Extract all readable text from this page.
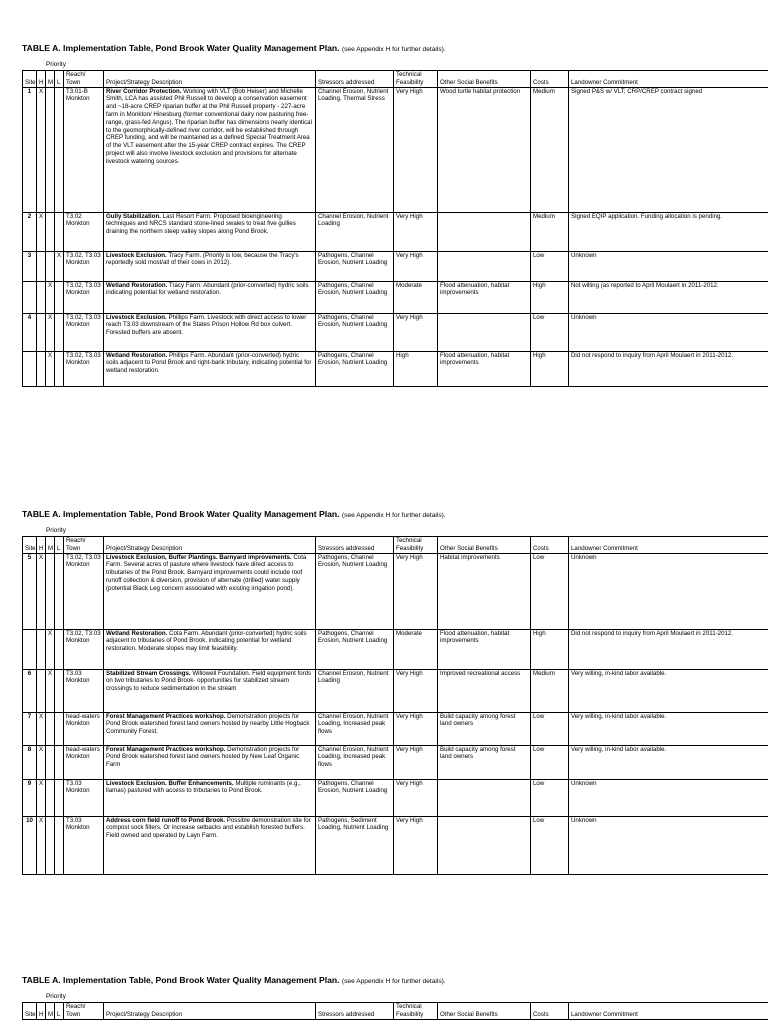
TABLE A. Implementation Table, Pond Brook Water Quality Management Plan. (see Appendix H for further details).
Priority
				Reach/			Technical			
Site	H	M	L	Town	Project/Strategy Description	Stressors addressed	Feasibility	Other Social Benefits	Costs	Landowner Commitment
1	X			T3.01-B Monkton	River Corridor Protection. Working with VLT (Bob Heiser) and Michelle Smith, LCA has assisted Phil Russell to develop a conservation easement and ~18-acre CREP riparian buffer at the Phil Russell property - 227-acre farm in Monkton/ Hinesburg (former conventional dairy now pasturing free-range, grass-fed Angus). The riparian buffer has dimensions nearly identical to the geomorphically-defined river corridor, will be established through CREP funding, and will be maintained as a defined Special Treatment Area of the VLT easement after the 15-year CREP contract expires. The CREP project will also involve livestock exclusion and provisions for alternate livestock watering sources.	Channel Erosion, Nutrient Loading, Thermal Stress	Very High	Wood turtle habitat protection	Medium	Signed P&S w/ VLT; CRP/CREP contract signed
2	X			T3.02 Monkton	Gully Stabilization. Last Resort Farm. Proposed bioengineering techniques and NRCS standard stone-lined swales to treat five gullies draining the northern steep valley slopes along Pond Brook.	Channel Erosion, Nutrient Loading	Very High		Medium	Signed EQIP application. Funding allocation is pending.
3			X	T3.02, T3.03 Monkton	Livestock Exclusion. Tracy Farm. (Priority is low, because the Tracy's reportedly sold most/all of their cows in 2012).	Pathogens, Channel Erosion, Nutrient Loading	Very High		Low	Unknown
		X		T3.02, T3.03 Monkton	Wetland Restoration. Tracy Farm. Abundant (prior-converted) hydric soils indicating potential for wetland restoration.	Pathogens, Channel Erosion, Nutrient Loading	Moderate	Flood attenuation, habitat improvements	High	Not willing (as reported to April Moulaert in 2011-2012.
4		X		T3.02, T3.03 Monkton	Livestock Exclusion. Phillips Farm. Livestock with direct access to lower reach T3.03 downstream of the States Prison Hollow Rd box culvert. Forested buffers are absent.	Pathogens, Channel Erosion, Nutrient Loading	Very High		Low	Unknown
		X		T3.02, T3.03 Monkton	Wetland Restoration. Phillips Farm. Abundant (prior-converted) hydric soils adjacent to Pond Brook and right-bank tributary, indicating potential for wetland restoration.	Pathogens, Channel Erosion, Nutrient Loading	High	Flood attenuation, habitat improvements	High	Did not respond to inquiry from April Moulaert in 2011-2012.
TABLE A. Implementation Table, Pond Brook Water Quality Management Plan. (see Appendix H for further details).
Priority
				Reach/			Technical			
Site	H	M	L	Town	Project/Strategy Description	Stressors addressed	Feasibility	Other Social Benefits	Costs	Landowner Commitment
5	X			T3.02, T3.03 Monkton	Livestock Exclusion, Buffer Plantings. Barnyard improvements. Cota Farm. Several acres of pasture where livestock have direct access to tributaries of the Pond Brook. Barnyard improvements could include roof runoff collection & diversion, provision of alternate (drilled) water supply (potential Black Leg concern associated with existing irrigation pond).	Pathogens, Channel Erosion, Nutrient Loading	Very High	Habitat improvements	Low	Unknown
		X		T3.02, T3.03 Monkton	Wetland Restoration. Cota Farm. Abundant (prior-converted) hydric soils adjacent to tributaries of Pond Brook, indicating potential for wetland restoration. Moderate slopes may limit feasibility.	Pathogens, Channel Erosion, Nutrient Loading	Moderate	Flood attenuation, habitat improvements	High	Did not respond to inquiry from April Moulaert in 2011-2012.
6		X		T3.03 Monkton	Stabilized Stream Crossings. Willowell Foundation. Field equipment fords on two tributaries to Pond Brook- opportunities for stabilized stream crossings to reduce sedimentation in the stream	Channel Erosion, Nutrient Loading	Very High	Improved recreational access	Medium	Very willing, in-kind labor available.
7	X			head-waters Monkton	Forest Management Practices workshop. Demonstration projects for Pond Brook watershed forest land owners hosted by nearby Little Hogback Community Forest.	Channel Erosion, Nutrient Loading, Increased peak flows	Very High	Build capacity among forest land owners	Low	Very willing, in-kind labor available.
8	X			head-waters Monkton	Forest Management Practices workshop. Demonstration projects for Pond Brook watershed forest land owners hosted by New Leaf Organic Farm	Channel Erosion, Nutrient Loading, Increased peak flows	Very High	Build capacity among forest land owners	Low	Very willing, in-kind labor available.
9	X			T3.03 Monkton	Livestock Exclusion. Buffer Enhancements. Multiple ruminants (e.g., llamas) pastured with access to tributaries to Pond Brook.	Pathogens, Channel Erosion, Nutrient Loading	Very High		Low	Unknown
10	X			T3.03 Monkton	Address corn field runoff to Pond Brook. Possible demonstration site for compost sock filters. Or increase setbacks and establish forested buffers. Field owned and operated by Layn Farm.	Pathogens, Sediment Loading, Nutrient Loading	Very High		Low	Unknown
TABLE A. Implementation Table, Pond Brook Water Quality Management Plan. (see Appendix H for further details).
Priority
				Reach/			Technical			
Site	H	M	L	Town	Project/Strategy Description	Stressors addressed	Feasibility	Other Social Benefits	Costs	Landowner Commitment
